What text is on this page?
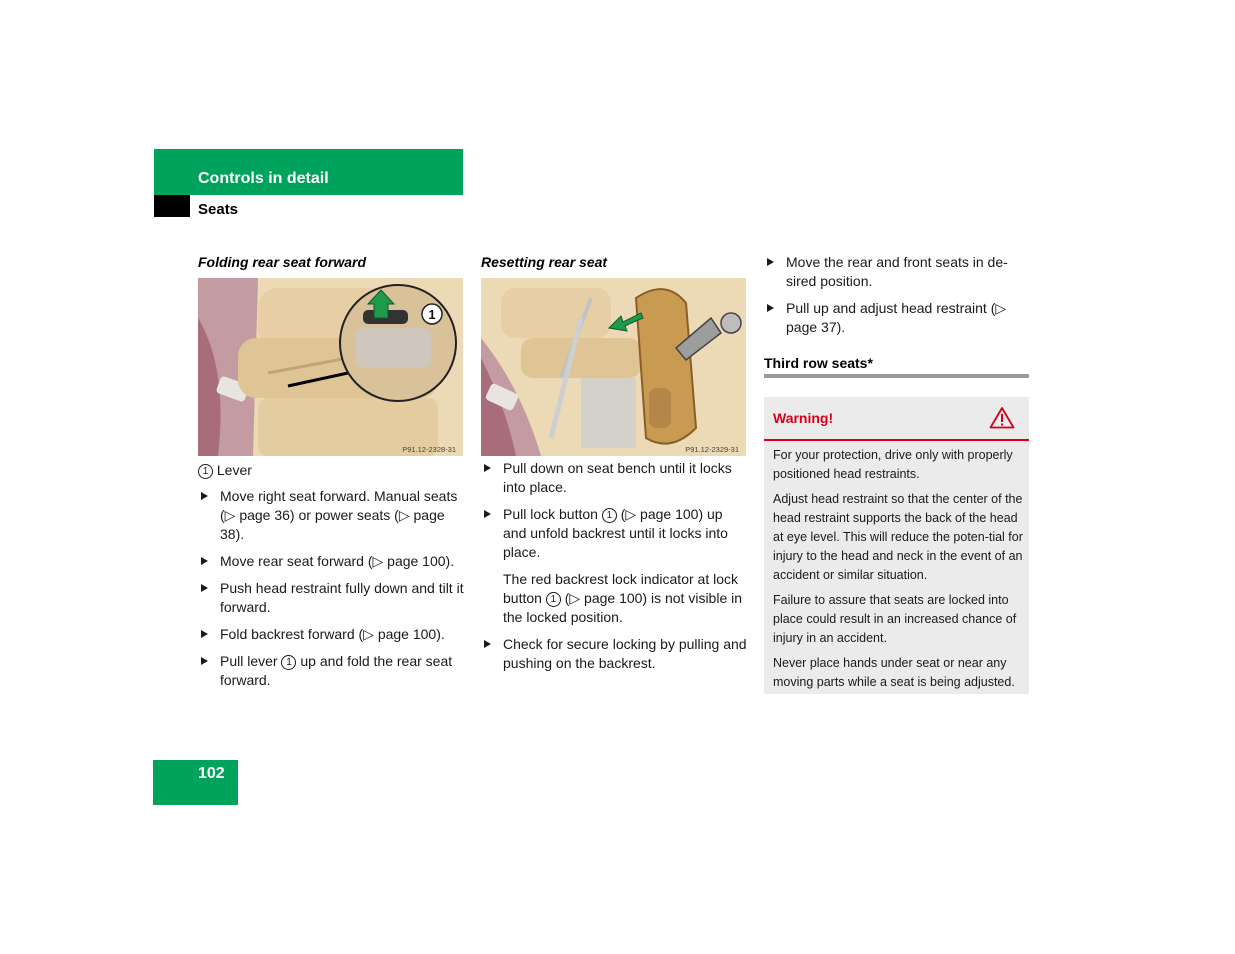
Controls in detail
Seats
Folding rear seat forward
1
P91.12-2328-31
1 Lever
Move right seat forward. Manual seats (▷ page 36) or power seats (▷ page 38).
Move rear seat forward (▷ page 100).
Push head restraint fully down and tilt it forward.
Fold backrest forward (▷ page 100).
Pull lever 1 up and fold the rear seat forward.
Resetting rear seat
P91.12-2329-31
Pull down on seat bench until it locks into place.
Pull lock button 1 (▷ page 100) up and unfold backrest until it locks into place.
The red backrest lock indicator at lock button 1 (▷ page 100) is not visible in the locked position.
Check for secure locking by pulling and pushing on the backrest.
Move the rear and front seats in de-sired position.
Pull up and adjust head restraint (▷ page 37).
Third row seats*
Warning!

For your protection, drive only with properly positioned head restraints.

Adjust head restraint so that the center of the head restraint supports the back of the head at eye level. This will reduce the poten-tial for injury to the head and neck in the event of an accident or similar situation.

Failure to assure that seats are locked into place could result in an increased chance of injury in an accident.

Never place hands under seat or near any moving parts while a seat is being adjusted.

102
